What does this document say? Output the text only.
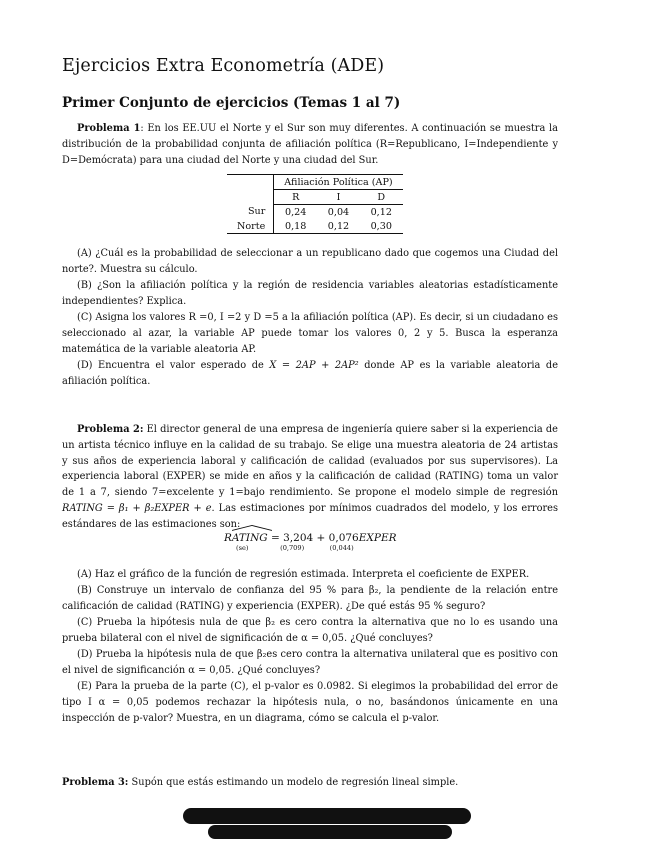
Ejercicios Extra Econometría (ADE)
Primer Conjunto de ejercicios (Temas 1 al 7)
Problema 1: En los EE.UU el Norte y el Sur son muy diferentes. A continuación se muestra la distribución de la probabilidad conjunta de afiliación política (R=Republicano, I=Independiente y D=Demócrata) para una ciudad del Norte y una ciudad del Sur.
	Afiliación Política (AP)		
	R	I	D
Sur	0,24	0,04	0,12
Norte	0,18	0,12	0,30
(A) ¿Cuál es la probabilidad de seleccionar a un republicano dado que cogemos una Ciudad del norte?. Muestra su cálculo.
(B) ¿Son la afiliación política y la región de residencia variables aleatorias estadísticamente independientes? Explica.
(C) Asigna los valores R =0, I =2 y D =5 a la afiliación política (AP). Es decir, si un ciudadano es seleccionado al azar, la variable AP puede tomar los valores 0, 2 y 5. Busca la esperanza matemática de la variable aleatoria AP.
(D) Encuentra el valor esperado de X = 2AP + 2AP² donde AP es la variable aleatoria de afiliación política.
Problema 2: El director general de una empresa de ingeniería quiere saber si la experiencia de un artista técnico influye en la calidad de su trabajo. Se elige una muestra aleatoria de 24 artistas y sus años de experiencia laboral y calificación de calidad (evaluados por sus supervisores). La experiencia laboral (EXPER) se mide en años y la calificación de calidad (RATING) toma un valor de 1 a 7, siendo 7=excelente y 1=bajo rendimiento. Se propone el modelo simple de regresión RATING = β₁ + β₂EXPER + e. Las estimaciones por mínimos cuadrados del modelo, y los errores estándares de las estimaciones son:
RATING
(se)
= 3,204
(0,709)
+ 0,076
(0,044)
EXPER
(A) Haz el gráfico de la función de regresión estimada. Interpreta el coeficiente de EXPER.
(B) Construye un intervalo de confianza del 95 % para β₂, la pendiente de la relación entre calificación de calidad (RATING) y experiencia (EXPER). ¿De qué estás 95 % seguro?
(C) Prueba la hipótesis nula de que β₂ es cero contra la alternativa que no lo es usando una prueba bilateral con el nivel de significación de α = 0,05. ¿Qué concluyes?
(D) Prueba la hipótesis nula de que β₂es cero contra la alternativa unilateral que es positivo con el nivel de significanción α = 0,05. ¿Qué concluyes?
(E) Para la prueba de la parte (C), el p-valor es 0.0982. Si elegimos la probabilidad del error de tipo I α = 0,05 podemos rechazar la hipótesis nula, o no, basándonos únicamente en una inspección de p-valor? Muestra, en un diagrama, cómo se calcula el p-valor.
Problema 3: Supón que estás estimando un modelo de regresión lineal simple.
